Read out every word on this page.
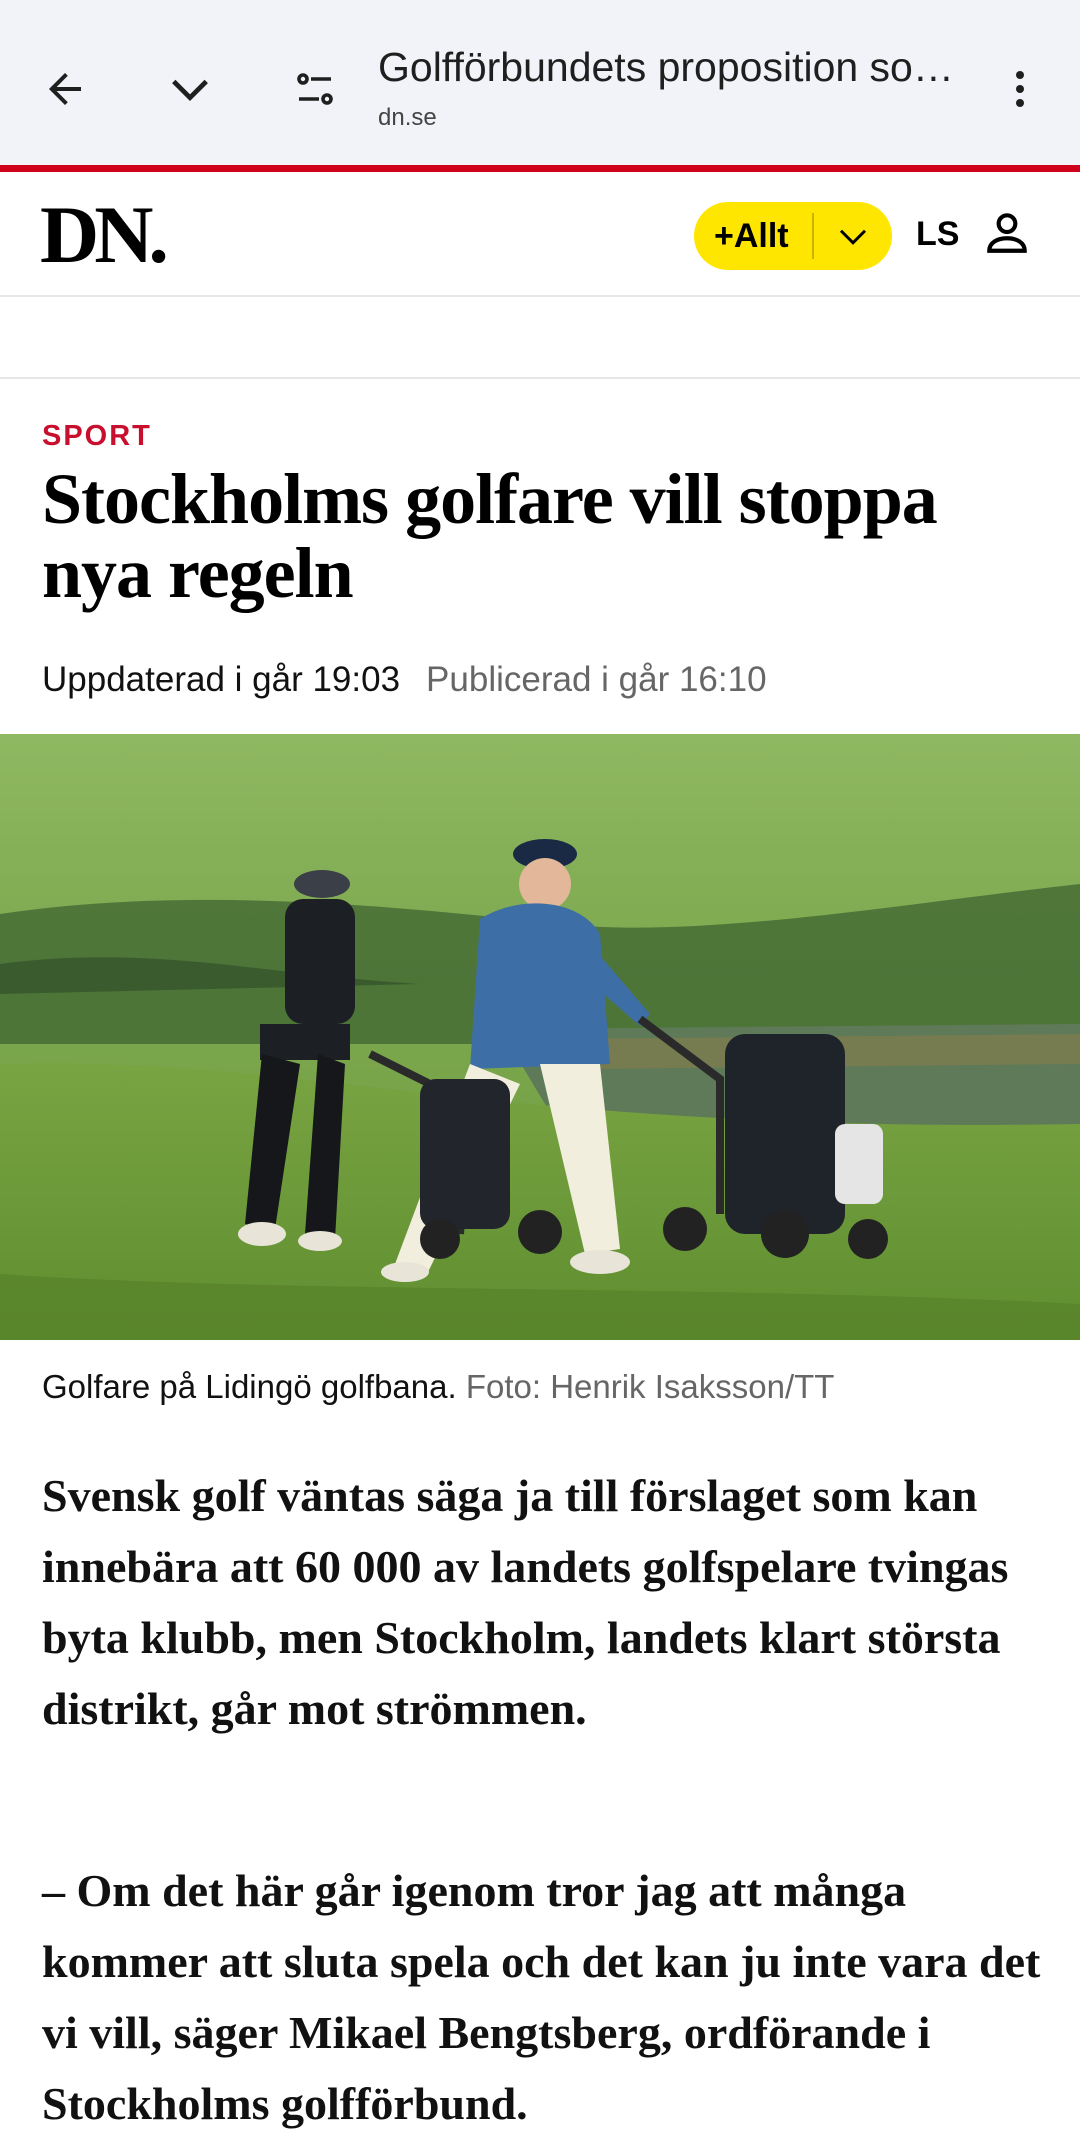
Golfförbundets proposition so…
dn.se
DN.	+Allt	LS
SPORT
Stockholms golfare vill stoppa nya regeln
Uppdaterad i går 19:03 Publicerad i går 16:10
Golfare på Lidingö golfbana. Foto: Henrik Isaksson/TT

Svensk golf väntas säga ja till förslaget som kan innebära att 60 000 av landets golfspelare tvingas byta klubb, men Stockholm, landets klart största distrikt, går mot strömmen.

– Om det här går igenom tror jag att många kommer att sluta spela och det kan ju inte vara det vi vill, säger Mikael Bengtsberg, ordförande i Stockholms golfförbund.
